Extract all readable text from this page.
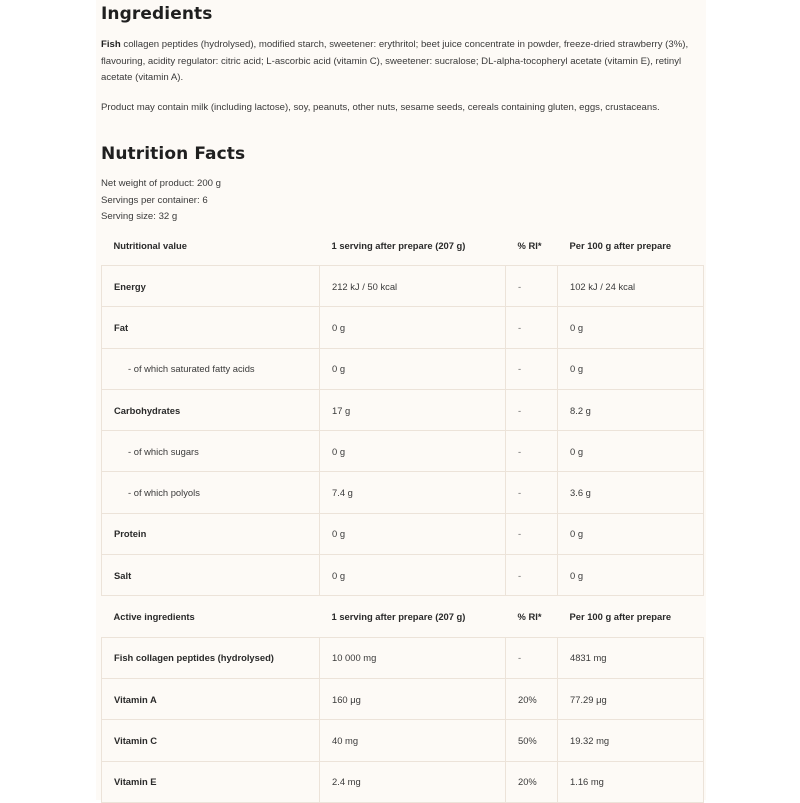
Ingredients
Fish collagen peptides (hydrolysed), modified starch, sweetener: erythritol; beet juice concentrate in powder, freeze-dried strawberry (3%), flavouring, acidity regulator: citric acid; L-ascorbic acid (vitamin C), sweetener: sucralose; DL-alpha-tocopheryl acetate (vitamin E), retinyl acetate (vitamin A).
Product may contain milk (including lactose), soy, peanuts, other nuts, sesame seeds, cereals containing gluten, eggs, crustaceans.
Nutrition Facts
Net weight of product: 200 g
Servings per container: 6
Serving size: 32 g
Nutritional value	1 serving after prepare (207 g)	% RI*	Per 100 g after prepare
Energy	212 kJ / 50 kcal	-	102 kJ / 24 kcal
Fat	0 g	-	0 g
- of which saturated fatty acids	0 g	-	0 g
Carbohydrates	17 g	-	8.2 g
- of which sugars	0 g	-	0 g
- of which polyols	7.4 g	-	3.6 g
Protein	0 g	-	0 g
Salt	0 g	-	0 g
Active ingredients	1 serving after prepare (207 g)	% RI*	Per 100 g after prepare
Fish collagen peptides (hydrolysed)	10 000 mg	-	4831 mg
Vitamin A	160 μg	20%	77.29 μg
Vitamin C	40 mg	50%	19.32 mg
Vitamin E	2.4 mg	20%	1.16 mg
